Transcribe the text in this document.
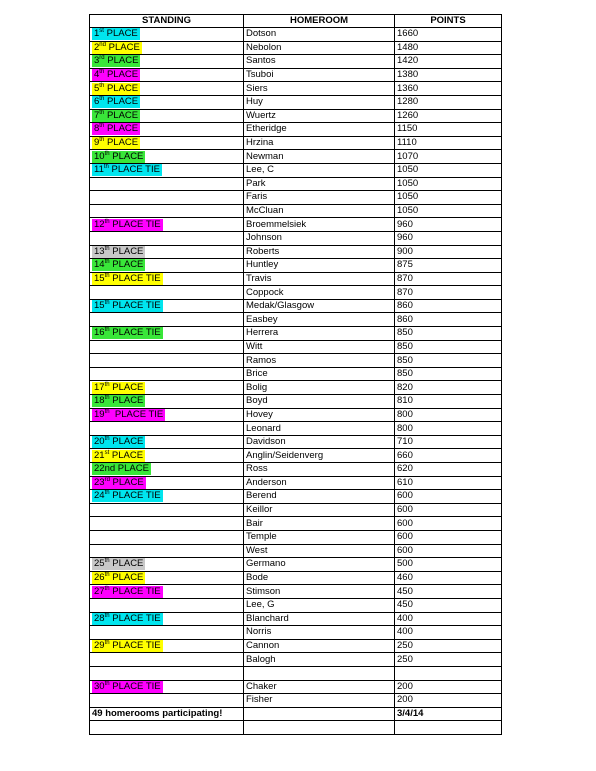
STANDING	HOMEROOM	POINTS
1st PLACE	Dotson	1660
2nd PLACE	Nebolon	1480
3rd PLACE	Santos	1420
4th PLACE	Tsuboi	1380
5th PLACE	Siers	1360
6th PLACE	Huy	1280
7th PLACE	Wuertz	1260
8th PLACE	Etheridge	1150
9th PLACE	Hrzina	1110
10th PLACE	Newman	1070
11th PLACE TIE	Lee, C	1050
	Park	1050
	Faris	1050
	McCluan	1050
12th PLACE TIE	Broemmelsiek	960
	Johnson	960
13th PLACE	Roberts	900
14th PLACE	Huntley	875
15th PLACE TIE	Travis	870
	Coppock	870
15th PLACE TIE	Medak/Glasgow	860
	Easbey	860
16th PLACE TIE	Herrera	850
	Witt	850
	Ramos	850
	Brice	850
17th PLACE	Bolig	820
18th PLACE	Boyd	810
19th  PLACE TIE	Hovey	800
	Leonard	800
20th PLACE	Davidson	710
21st PLACE	Anglin/Seidenverg	660
22nd PLACE	Ross	620
23rd PLACE	Anderson	610
24th PLACE TIE	Berend	600
	Keillor	600
	Bair	600
	Temple	600
	West	600
25th PLACE	Germano	500
26th PLACE	Bode	460
27th PLACE TIE	Stimson	450
	Lee, G	450
28th PLACE TIE	Blanchard	400
	Norris	400
29th PLACE TIE	Cannon	250
	Balogh	250

30th PLACE TIE	Chaker	200
	Fisher	200
49 homerooms participating!		3/4/14
